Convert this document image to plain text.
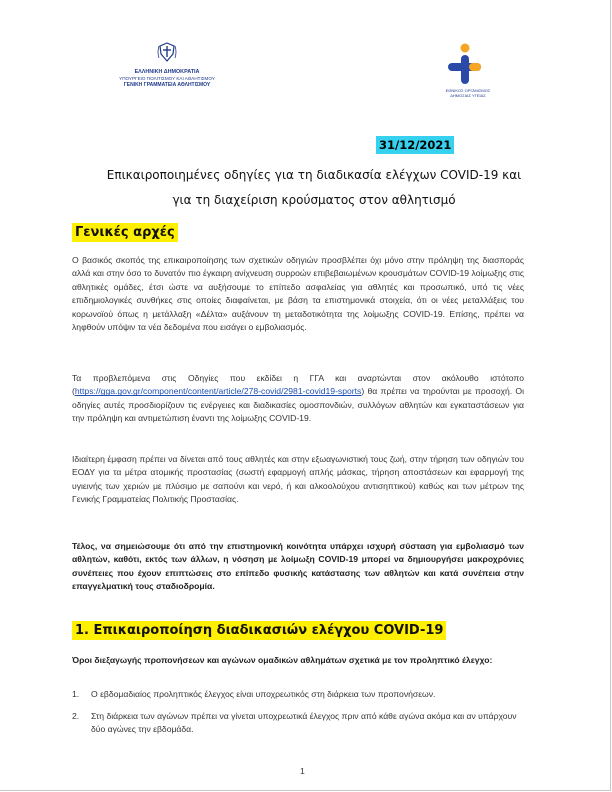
ΕΛΛΗΝΙΚΗ ΔΗΜΟΚΡΑΤΙΑ
ΥΠΟΥΡΓΕΙΟ ΠΟΛΙΤΙΣΜΟΥ ΚΑΙ ΑΘΛΗΤΙΣΜΟΥ
ΓΕΝΙΚΗ ΓΡΑΜΜΑΤΕΙΑ ΑΘΛΗΤΙΣΜΟΥ
ΕΘΝΙΚΟΣ ΟΡΓΑΝΙΣΜΟΣ
ΔΗΜΟΣΙΑΣ ΥΓΕΙΑΣ
31/12/2021
Επικαιροποιημένες οδηγίες για τη διαδικασία ελέγχων COVID-19 και
για τη διαχείριση κρούσματος στον αθλητισμό
Γενικές αρχές
Ο βασικός σκοπός της επικαιροποίησης των σχετικών οδηγιών προσβλέπει όχι μόνο στην πρόληψη της διασποράς αλλά και στην όσο το δυνατόν πιο έγκαιρη ανίχνευση συρροών επιβεβαιωμένων κρουσμάτων COVID-19 λοίμωξης στις αθλητικές ομάδες, έτσι ώστε να αυξήσουμε το επίπεδο ασφαλείας για αθλητές και προσωπικό, υπό τις νέες επιδημιολογικές συνθήκες στις οποίες διαφαίνεται, με βάση τα επιστημονικά στοιχεία, ότι οι νέες μεταλλάξεις του κορωνοϊού όπως η μετάλλαξη «Δέλτα» αυξάνουν τη μεταδοτικότητα της λοίμωξης COVID-19. Επίσης, πρέπει να ληφθούν υπόψιν τα νέα δεδομένα που εισάγει ο εμβολιασμός.
Τα προβλεπόμενα στις Οδηγίες που εκδίδει η ΓΓΑ και αναρτώνται στον ακόλουθο ιστότοπο (https://gga.gov.gr/component/content/article/278-covid/2981-covid19-sports) θα πρέπει να τηρούνται με προσοχή. Οι οδηγίες αυτές προσδιορίζουν τις ενέργειες και διαδικασίες ομοσπονδιών, συλλόγων αθλητών και εγκαταστάσεων για την πρόληψη και αντιμετώπιση έναντι της λοίμωξης COVID-19.
Ιδιαίτερη έμφαση πρέπει να δίνεται από τους αθλητές και στην εξωαγωνιστική τους ζωή, στην τήρηση των οδηγιών του ΕΟΔΥ για τα μέτρα ατομικής προστασίας (σωστή εφαρμογή απλής μάσκας, τήρηση αποστάσεων και εφαρμογή της υγιεινής των χεριών με πλύσιμο με σαπούνι και νερό, ή και αλκοολούχου αντισηπτικού) καθώς και των μέτρων της Γενικής Γραμματείας Πολιτικής Προστασίας.
Τέλος, να σημειώσουμε ότι από την επιστημονική κοινότητα υπάρχει ισχυρή σύσταση για εμβολιασμό των αθλητών, καθότι, εκτός των άλλων, η νόσηση με λοίμωξη COVID-19 μπορεί να δημιουργήσει μακροχρόνιες συνέπειες που έχουν επιπτώσεις στο επίπεδο φυσικής κατάστασης των αθλητών και κατά συνέπεια στην επαγγελματική τους σταδιοδρομία.
1. Επικαιροποίηση διαδικασιών ελέγχου COVID-19
Όροι διεξαγωγής προπονήσεων και αγώνων ομαδικών αθλημάτων σχετικά με τον προληπτικό έλεγχο:
1. Ο εβδομαδιαίος προληπτικός έλεγχος είναι υποχρεωτικός στη διάρκεια των προπονήσεων.
2. Στη διάρκεια των αγώνων πρέπει να γίνεται υποχρεωτικά έλεγχος πριν από κάθε αγώνα ακόμα και αν υπάρχουν δύο αγώνες την εβδομάδα.
1
